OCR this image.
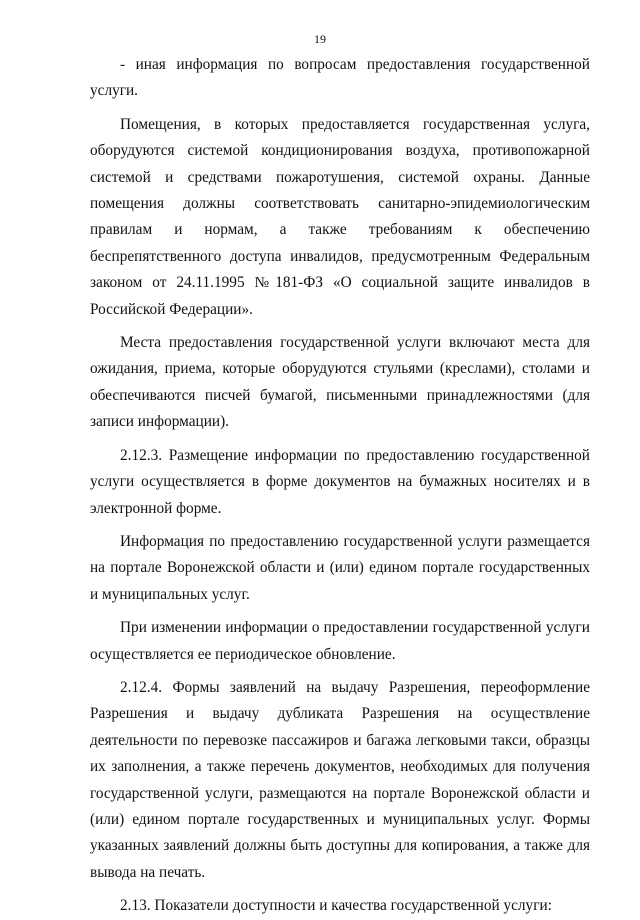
19

- иная информация по вопросам предоставления государственной услуги.

Помещения, в которых предоставляется государственная услуга, оборудуются системой кондиционирования воздуха, противопожарной системой и средствами пожаротушения, системой охраны. Данные помещения должны соответствовать санитарно-эпидемиологическим правилам и нормам, а также требованиям к обеспечению беспрепятственного доступа инвалидов, предусмотренным Федеральным законом от 24.11.1995 №181-ФЗ «О социальной защите инвалидов в Российской Федерации».

Места предоставления государственной услуги включают места для ожидания, приема, которые оборудуются стульями (креслами), столами и обеспечиваются писчей бумагой, письменными принадлежностями (для записи информации).

2.12.3. Размещение информации по предоставлению государственной услуги осуществляется в форме документов на бумажных носителях и в электронной форме.

Информация по предоставлению государственной услуги размещается на портале Воронежской области и (или) едином портале государственных и муниципальных услуг.

При изменении информации о предоставлении государственной услуги осуществляется ее периодическое обновление.

2.12.4. Формы заявлений на выдачу Разрешения, переоформление Разрешения и выдачу дубликата Разрешения на осуществление деятельности по перевозке пассажиров и багажа легковыми такси, образцы их заполнения, а также перечень документов, необходимых для получения государственной услуги, размещаются на портале Воронежской области и (или) едином портале государственных и муниципальных услуг. Формы указанных заявлений должны быть доступны для копирования, а также для вывода на печать.

2.13. Показатели доступности и качества государственной услуги:
